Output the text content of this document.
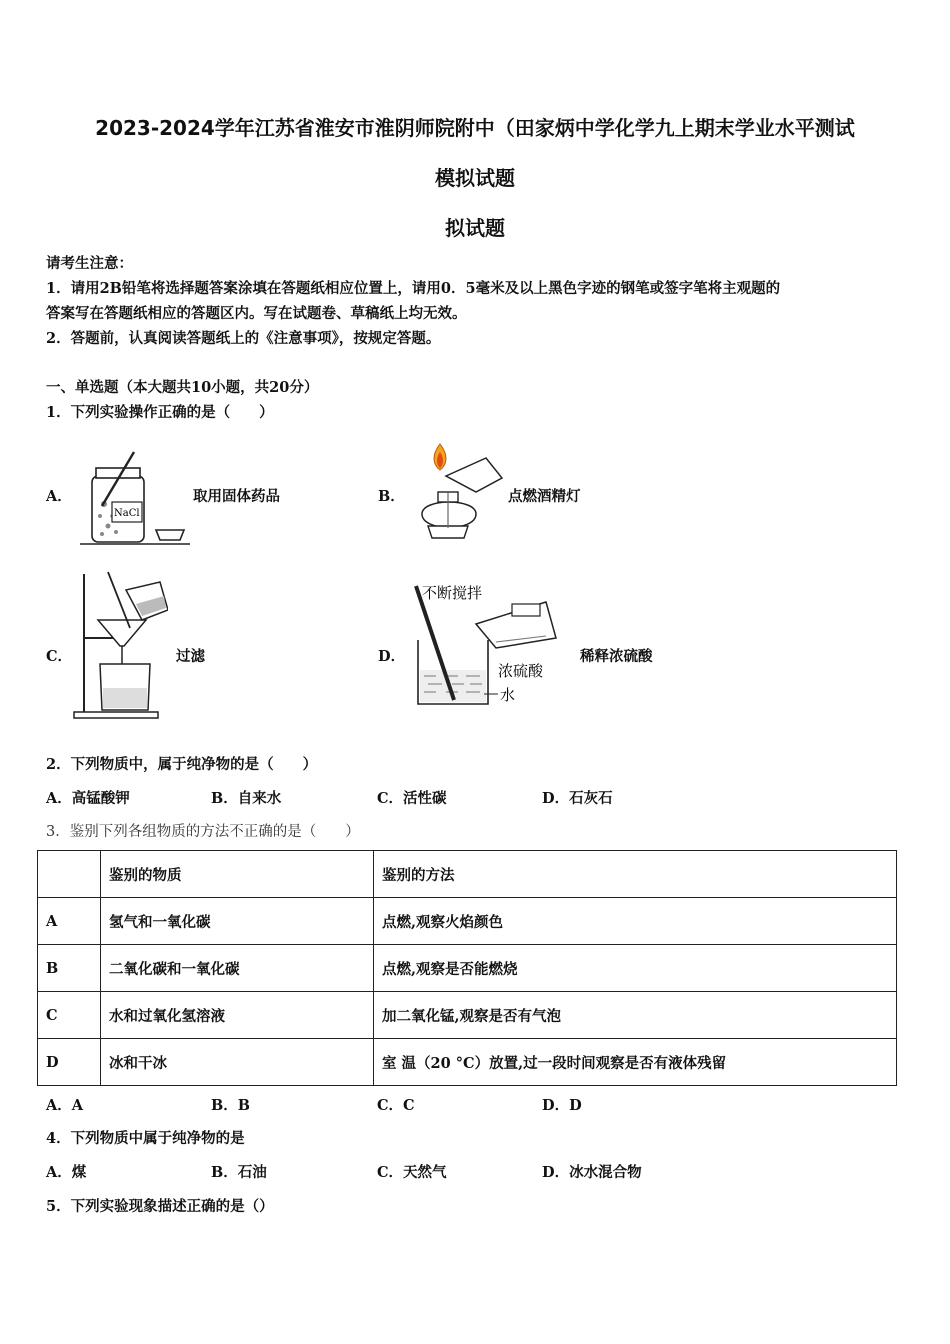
2023-2024学年江苏省淮安市淮阴师院附中（田家炳中学化学九上期末学业水平测试
模拟试题
拟试题
请考生注意：
1．请用2B铅笔将选择题答案涂填在答题纸相应位置上，请用0．5毫米及以上黑色字迹的钢笔或签字笔将主观题的
答案写在答题纸相应的答题区内。写在试题卷、草稿纸上均无效。
2．答题前，认真阅读答题纸上的《注意事项》，按规定答题。
一、单选题（本大题共10小题，共20分）
1．下列实验操作正确的是（　　）
A．
NaCl
取用固体药品	B．	点燃酒精灯
C．	过滤	D．
不断搅拌
浓硫酸
水
稀释浓硫酸
2．下列物质中，属于纯净物的是（　　）
A．高锰酸钾	B．自来水	C．活性碳	D．石灰石
3．鉴别下列各组物质的方法不正确的是（　　）
	鉴别的物质	鉴别的方法
A	氢气和一氧化碳	点燃,观察火焰颜色
B	二氧化碳和一氧化碳	点燃,观察是否能燃烧
C	水和过氧化氢溶液	加二氧化锰,观察是否有气泡
D	冰和干冰	室 温（20 °C）放置,过一段时间观察是否有液体残留
A．A	B．B	C．C	D．D
4．下列物质中属于纯净物的是
A．煤	B．石油	C．天然气	D．冰水混合物
5．下列实验现象描述正确的是（）
